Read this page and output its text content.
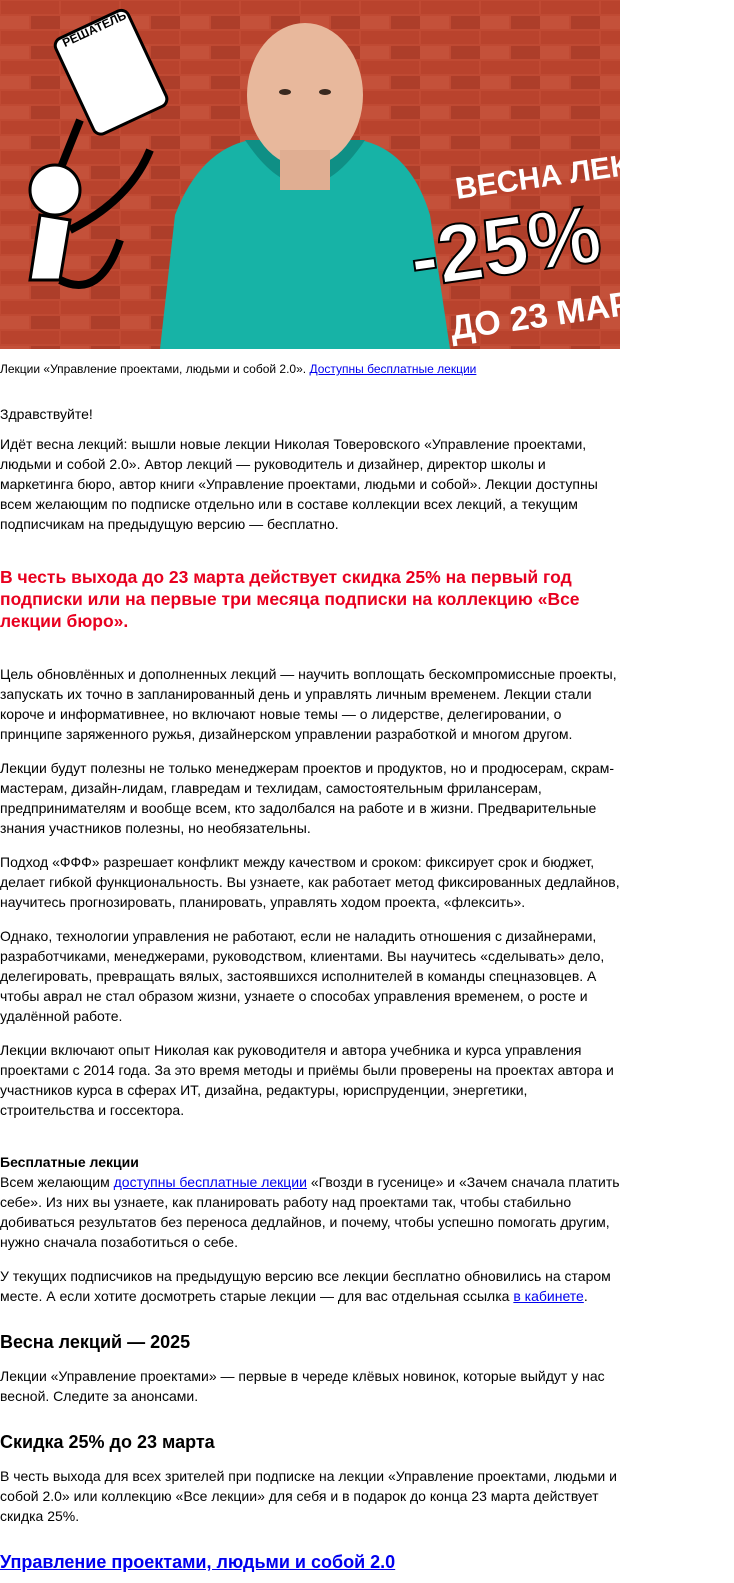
РЕШАТЕЛЬ
ВЕСНА ЛЕКЦИЙ
-25%
ДО 23 МАР
Лекции «Управление проектами, людьми и собой 2.0». Доступны бесплатные лекции

Здравствуйте!

Идёт весна лекций: вышли новые лекции Николая Товеровского «Управление проектами, людьми и собой 2.0». Автор лекций — руководитель и дизайнер, директор школы и маркетинга бюро, автор книги «Управление проектами, людьми и собой». Лекции доступны всем желающим по подписке отдельно или в составе коллекции всех лекций, а текущим подписчикам на предыдущую версию — бесплатно.

В честь выхода до 23 марта действует скидка 25% на первый год подписки или на первые три месяца подписки на коллекцию «Все лекции бюро».

Цель обновлённых и дополненных лекций — научить воплощать бескомпромиссные проекты, запускать их точно в запланированный день и управлять личным временем. Лекции стали короче и информативнее, но включают новые темы — о лидерстве, делегировании, о принципе заряженного ружья, дизайнерском управлении разработкой и многом другом.

Лекции будут полезны не только менеджерам проектов и продуктов, но и продюсерам, скрам-мастерам, дизайн-лидам, главредам и техлидам, самостоятельным фрилансерам, предпринимателям и вообще всем, кто задолбался на работе и в жизни. Предварительные знания участников полезны, но необязательны.

Подход «ФФФ» разрешает конфликт между качеством и сроком: фиксирует срок и бюджет, делает гибкой функциональность. Вы узнаете, как работает метод фиксированных дедлайнов, научитесь прогнозировать, планировать, управлять ходом проекта, «флексить».

Однако, технологии управления не работают, если не наладить отношения с дизайнерами, разработчиками, менеджерами, руководством, клиентами. Вы научитесь «сделывать» дело, делегировать, превращать вялых, застоявшихся исполнителей в команды спецназовцев. А чтобы аврал не стал образом жизни, узнаете о способах управления временем, о росте и удалённой работе.

Лекции включают опыт Николая как руководителя и автора учебника и курса управления проектами с 2014 года. За это время методы и приёмы были проверены на проектах автора и участников курса в сферах ИТ, дизайна, редактуры, юриспруденции, энергетики, строительства и госсектора.

Бесплатные лекции

Всем желающим доступны бесплатные лекции «Гвозди в гусенице» и «Зачем сначала платить себе». Из них вы узнаете, как планировать работу над проектами так, чтобы стабильно добиваться результатов без переноса дедлайнов, и почему, чтобы успешно помогать другим, нужно сначала позаботиться о себе.

У текущих подписчиков на предыдущую версию все лекции бесплатно обновились на старом месте. А если хотите досмотреть старые лекции — для вас отдельная ссылка в кабинете.

Весна лекций — 2025

Лекции «Управление проектами» — первые в череде клёвых новинок, которые выйдут у нас весной. Следите за анонсами.

Скидка 25% до 23 марта

В честь выхода для всех зрителей при подписке на лекции «Управление проектами, людьми и собой 2.0» или коллекцию «Все лекции» для себя и в подарок до конца 23 марта действует скидка 25%.

Управление проектами, людьми и собой 2.0
